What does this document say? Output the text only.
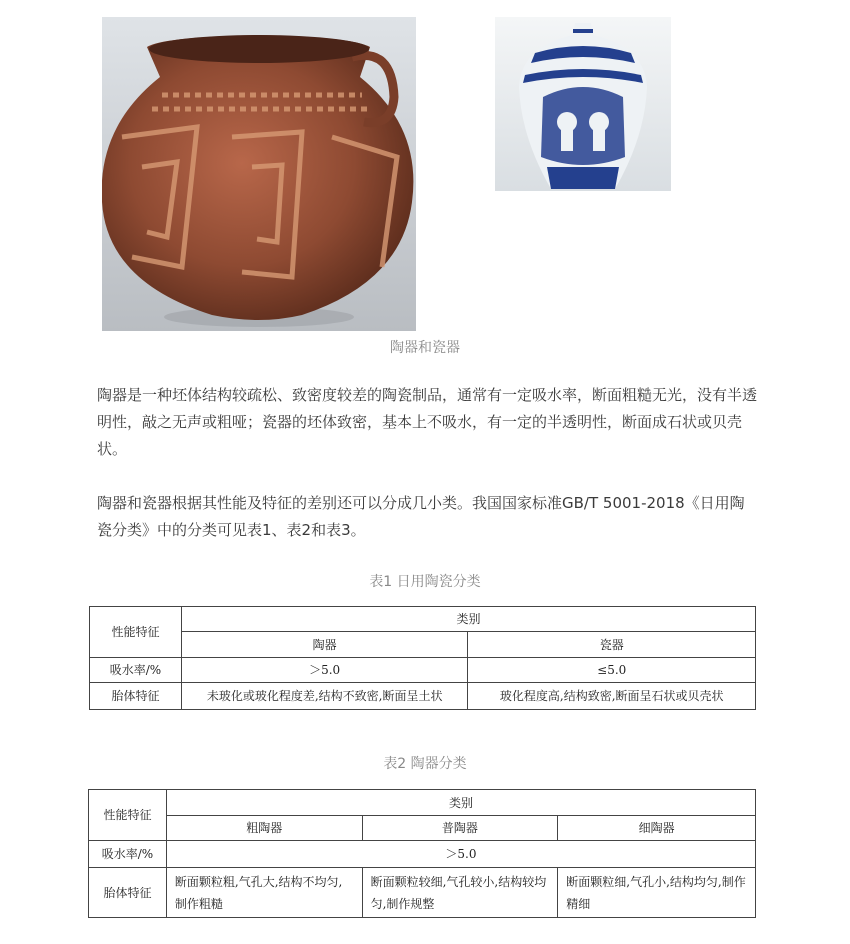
陶器和瓷器

陶器是一种坯体结构较疏松、致密度较差的陶瓷制品，通常有一定吸水率，断面粗糙无光，没有半透明性，敲之无声或粗哑；瓷器的坯体致密，基本上不吸水，有一定的半透明性，断面成石状或贝壳状。

陶器和瓷器根据其性能及特征的差别还可以分成几小类。我国国家标准GB/T 5001-2018《日用陶瓷分类》中的分类可见表1、表2和表3。

表1 日用陶瓷分类
性能特征	类别	
	陶器	瓷器
吸水率/%	＞5.0	≤5.0
胎体特征	未玻化或玻化程度差,结构不致密,断面呈土状	玻化程度高,结构致密,断面呈石状或贝壳状
表2 陶器分类
性能特征	类别		
	粗陶器	普陶器	细陶器
吸水率/%	＞5.0		
胎体特征	断面颗粒粗,气孔大,结构不均匀,制作粗糙	断面颗粒较细,气孔较小,结构较均匀,制作规整	断面颗粒细,气孔小,结构均匀,制作精细
